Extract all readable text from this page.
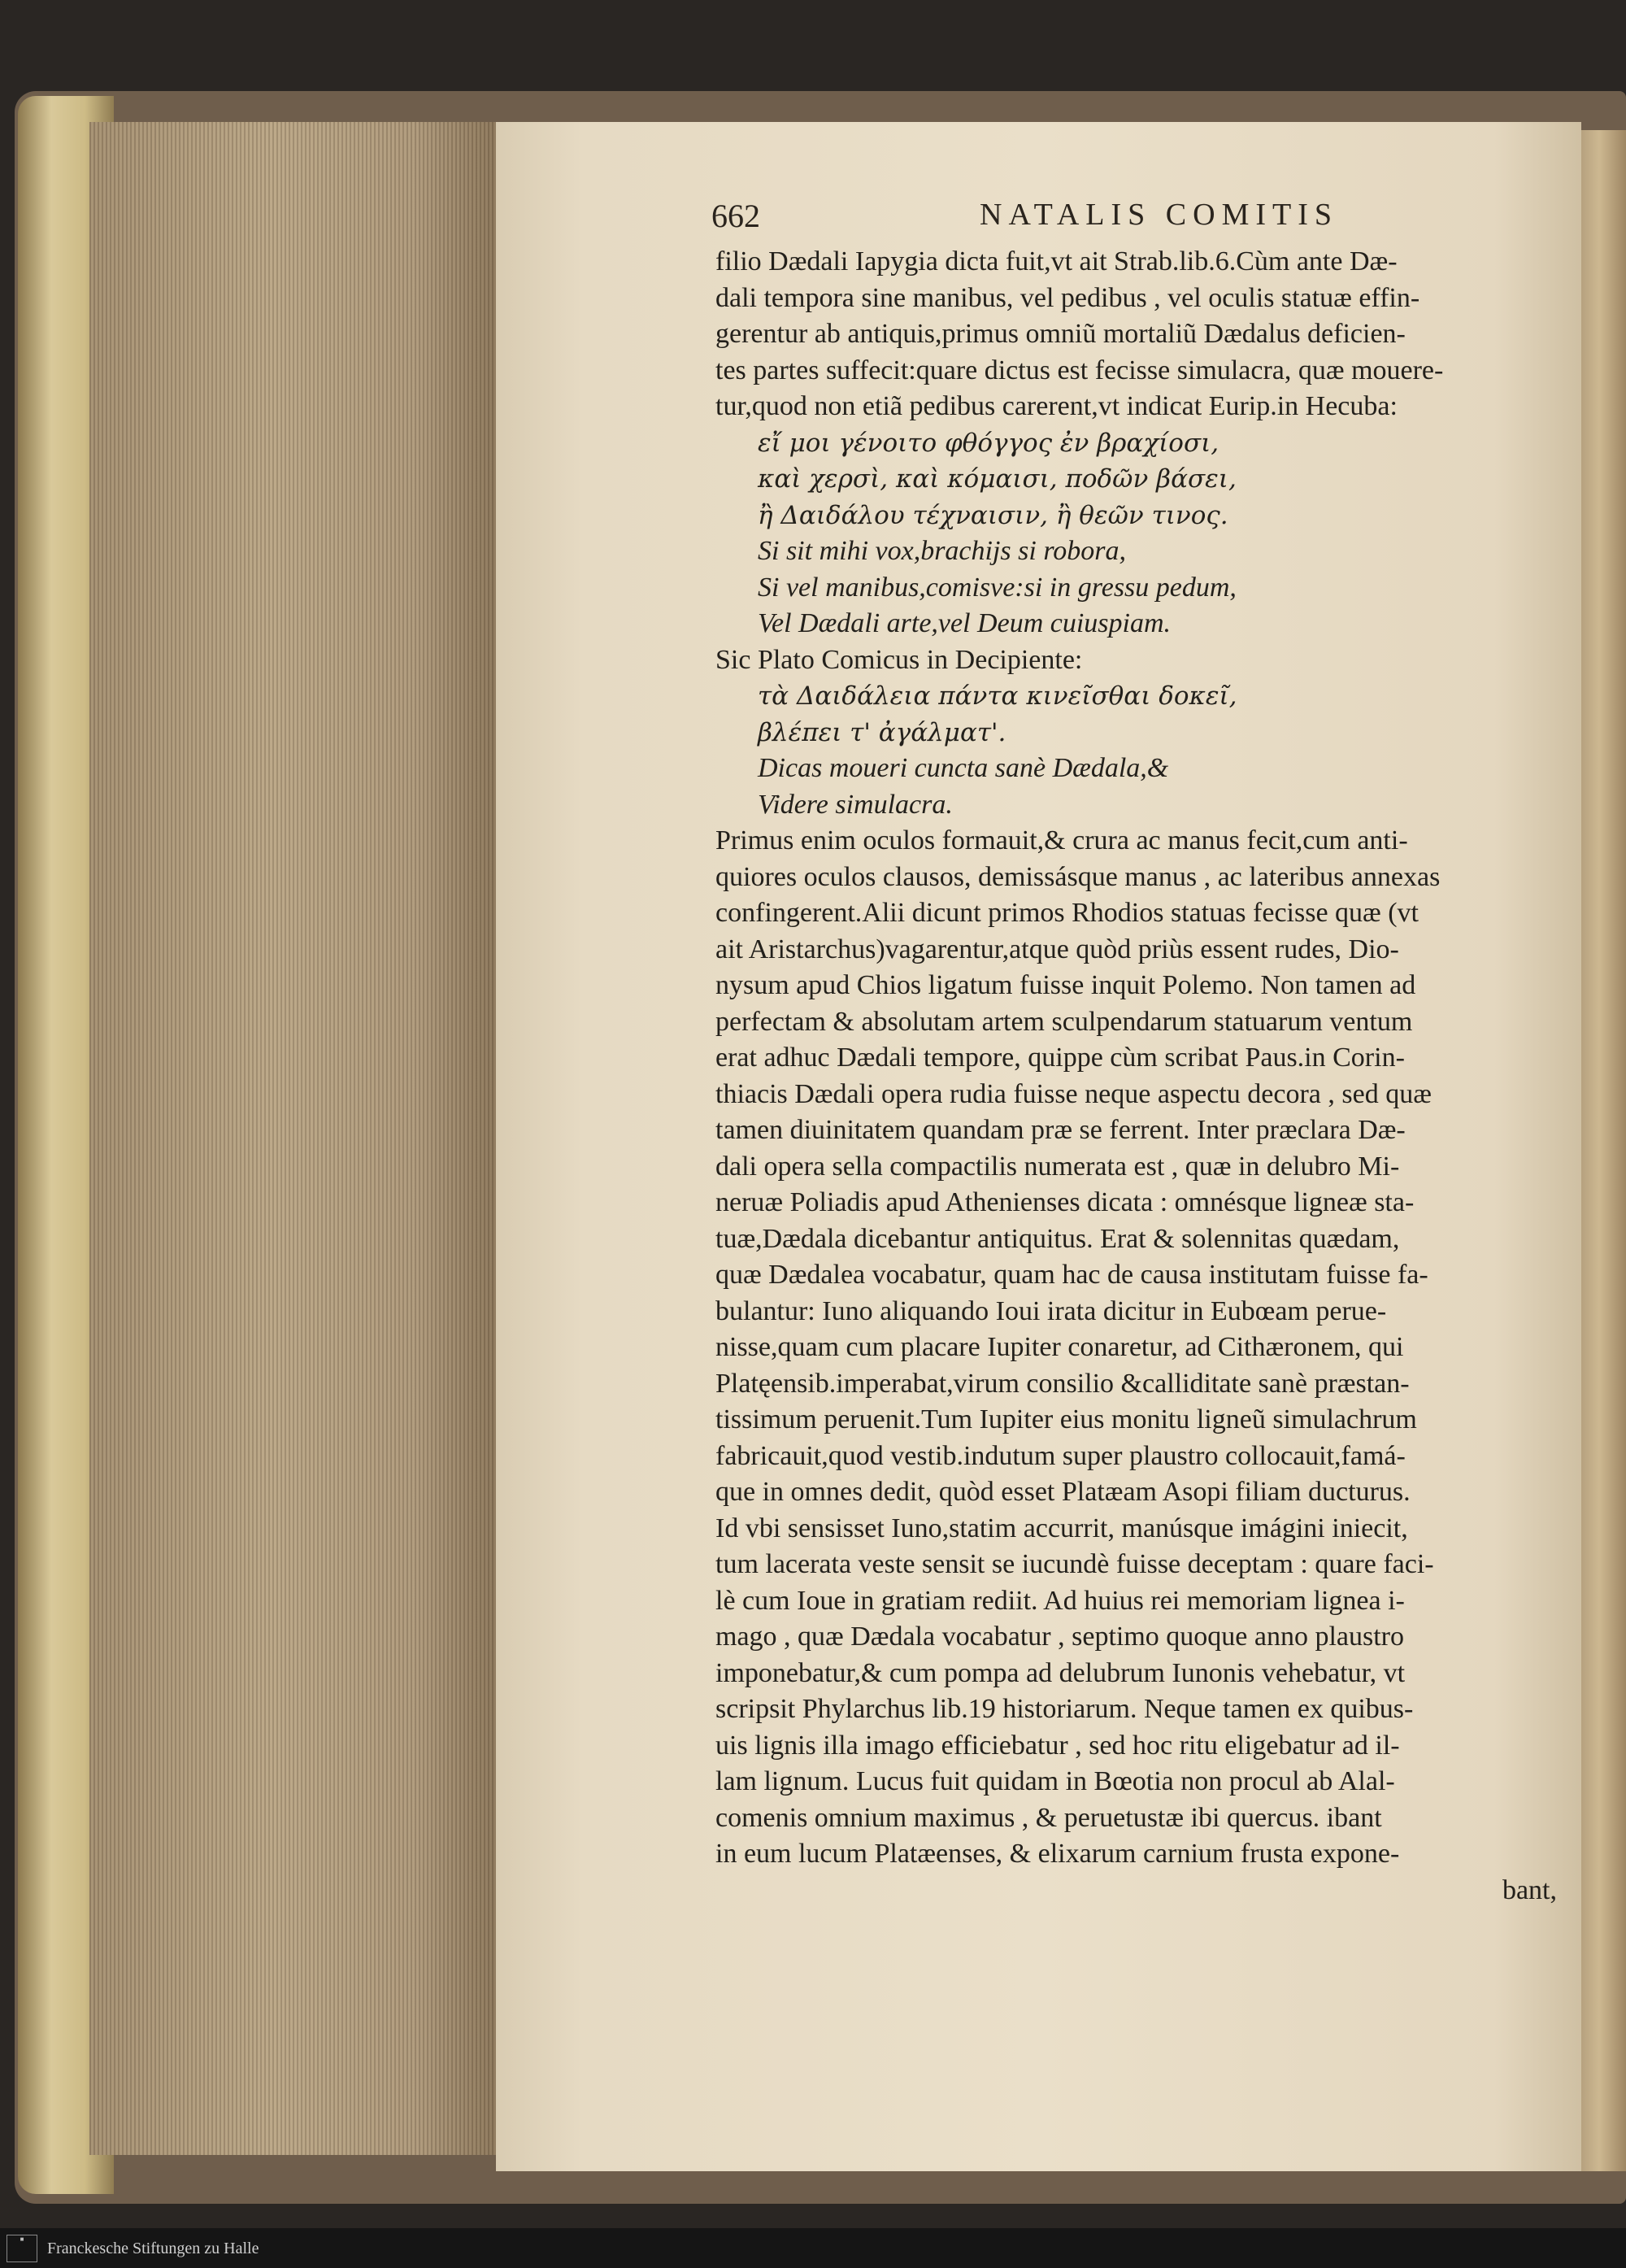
662	NATALIS COMITIS
filio Dædali Iapygia dicta fuit,vt ait Strab.lib.6.Cùm ante Dæ-
dali tempora sine manibus, vel pedibus , vel oculis statuæ effin-
gerentur ab antiquis,primus omniũ mortaliũ Dædalus deficien-
tes partes suffecit:quare dictus est fecisse simulacra, quæ mouere-
tur,quod non etiã pedibus carerent,vt indicat Eurip.in Hecuba:
εἴ μοι γένοιτο φθόγγος ἐν βραχίοσι,
καὶ χερσὶ, καὶ κόμαισι, ποδῶν βάσει,
ἢ Δαιδάλου τέχναισιν, ἢ θεῶν τινος.
Si sit mihi vox,brachijs si robora,
Si vel manibus,comisve:si in gressu pedum,
Vel Dædali arte,vel Deum cuiuspiam.
Sic Plato Comicus in Decipiente:
τὰ Δαιδάλεια πάντα κινεῖσθαι δοκεῖ,
βλέπει τ' ἀγάλματ'.
Dicas moueri cuncta sanè Dædala,&
Videre simulacra.
Primus enim oculos formauit,& crura ac manus fecit,cum anti-
quiores oculos clausos, demissásque manus , ac lateribus annexas
confingerent.Alii dicunt primos Rhodios statuas fecisse quæ (vt
ait Aristarchus)vagarentur,atque quòd priùs essent rudes, Dio-
nysum apud Chios ligatum fuisse inquit Polemo. Non tamen ad
perfectam & absolutam artem sculpendarum statuarum ventum
erat adhuc Dædali tempore, quippe cùm scribat Paus.in Corin-
thiacis Dædali opera rudia fuisse neque aspectu decora , sed quæ
tamen diuinitatem quandam præ se ferrent. Inter præclara Dæ-
dali opera sella compactilis numerata est , quæ in delubro Mi-
neruæ Poliadis apud Athenienses dicata : omnésque ligneæ sta-
tuæ,Dædala dicebantur antiquitus. Erat & solennitas quædam,
quæ Dædalea vocabatur, quam hac de causa institutam fuisse fa-
bulantur: Iuno aliquando Ioui irata dicitur in Eubœam perue-
nisse,quam cum placare Iupiter conaretur, ad Cithæronem, qui
Platęensib.imperabat,virum consilio &calliditate sanè præstan-
tissimum peruenit.Tum Iupiter eius monitu ligneũ simulachrum
fabricauit,quod vestib.indutum super plaustro collocauit,famá-
que in omnes dedit, quòd esset Platæam Asopi filiam ducturus.
Id vbi sensisset Iuno,statim accurrit, manúsque imágini iniecit,
tum lacerata veste sensit se iucundè fuisse deceptam : quare faci-
lè cum Ioue in gratiam rediit. Ad huius rei memoriam lignea i-
mago , quæ Dædala vocabatur , septimo quoque anno plaustro
imponebatur,& cum pompa ad delubrum Iunonis vehebatur, vt
scripsit Phylarchus lib.19 historiarum. Neque tamen ex quibus-
uis lignis illa imago efficiebatur , sed hoc ritu eligebatur ad il-
lam lignum. Lucus fuit quidam in Bœotia non procul ab Alal-
comenis omnium maximus , & peruetustæ ibi quercus. ibant
in eum lucum Platæenses, & elixarum carnium frusta expone-
bant,
■
Franckesche Stiftungen zu Halle
